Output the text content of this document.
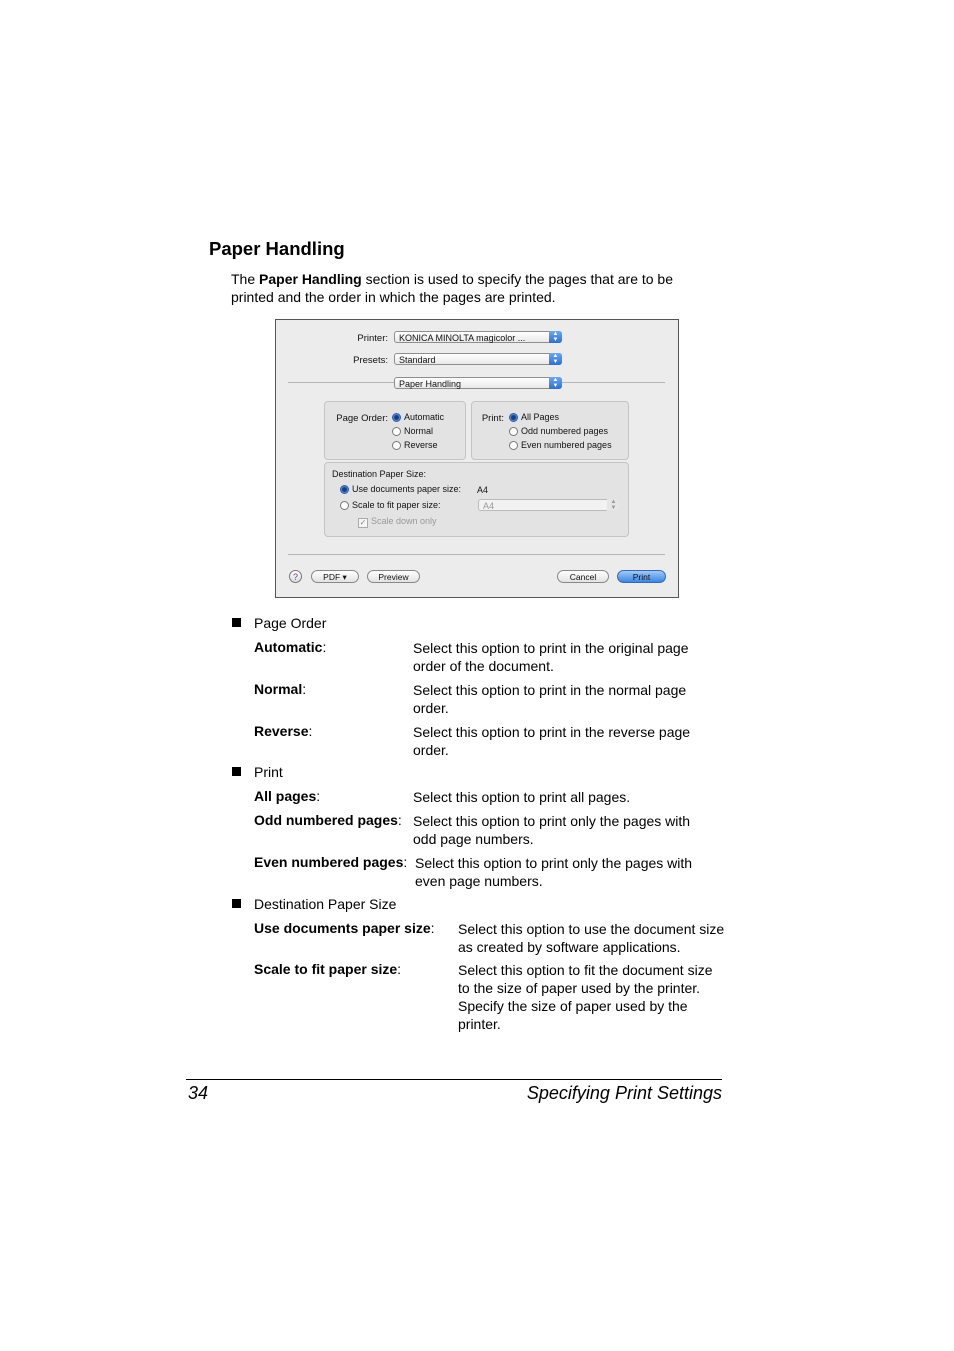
Paper Handling
The Paper Handling section is used to specify the pages that are to be printed and the order in which the pages are printed.
Printer:	KONICA MINOLTA magicolor ...	▲
▼
Presets:	Standard	▲
▼
Paper Handling	▲
▼
Page Order:	Automatic
Normal
Reverse
Print:	All Pages
Odd numbered pages
Even numbered pages
Destination Paper Size:
Use documents paper size: A4
Scale to fit paper size:	A4	▲
▼
✓ Scale down only
?	PDF ▾	Preview	Cancel	Print
Page Order
Automatic:	Select this option to print in the original page order of the document.
Normal:	Select this option to print in the normal page order.
Reverse:	Select this option to print in the reverse page order.
Print
All pages:	Select this option to print all pages.
Odd numbered pages: Select this option to print only the pages with odd page numbers.
Even numbered pages: Select this option to print only the pages with even page numbers.
Destination Paper Size
Use documents paper size: Select this option to use the document size as created by software applications.
Scale to fit paper size:	Select this option to fit the document size to the size of paper used by the printer. Specify the size of paper used by the printer.
34	Specifying Print Settings
